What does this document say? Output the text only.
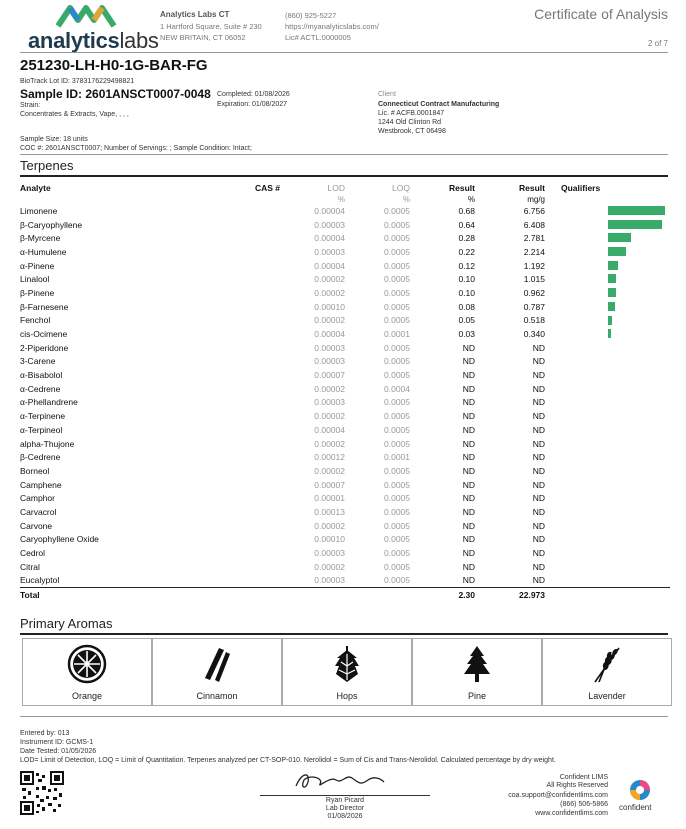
analyticslabs
Analytics Labs CT
1 Hartford Square, Suite # 230
NEW BRITAIN, CT 06052
(860) 925-5227
https://myanalyticslabs.com/
Lic# ACTL.0000005
Certificate of Analysis
2 of 7
251230-LH-H0-1G-BAR-FG
BioTrack Lot ID: 3783176229498821
Sample ID: 2601ANSCT0007-0048
Strain:
Concentrates & Extracts, Vape, , , ,
Completed: 01/08/2026
Expiration: 01/08/2027
Client
Connecticut Contract Manufacturing
Lic. # ACFB.0001847
1244 Old Clinton Rd
Westbrook, CT 06498
Sample Size: 18 units
COC #: 2601ANSCT0007; Number of Servings: ; Sample Condition: Intact;
Terpenes
Analyte	CAS #	LOD	LOQ	Result	Result	Qualifiers
		%	%	%	mg/g	
Limonene		0.00004	0.0005	0.68	6.756	

β-Caryophyllene		0.00003	0.0005	0.64	6.408	

β-Myrcene		0.00004	0.0005	0.28	2.781	

α-Humulene		0.00003	0.0005	0.22	2.214	

α-Pinene		0.00004	0.0005	0.12	1.192	

Linalool		0.00002	0.0005	0.10	1.015	

β-Pinene		0.00002	0.0005	0.10	0.962	

β-Farnesene		0.00010	0.0005	0.08	0.787	

Fenchol		0.00002	0.0005	0.05	0.518	

cis-Ocimene		0.00004	0.0001	0.03	0.340	

2-Piperidone		0.00003	0.0005	ND	ND	
3-Carene		0.00003	0.0005	ND	ND	
α-Bisabolol		0.00007	0.0005	ND	ND	
α-Cedrene		0.00002	0.0004	ND	ND	
α-Phellandrene		0.00003	0.0005	ND	ND	
α-Terpinene		0.00002	0.0005	ND	ND	
α-Terpineol		0.00004	0.0005	ND	ND	
alpha-Thujone		0.00002	0.0005	ND	ND	
β-Cedrene		0.00012	0.0001	ND	ND	
Borneol		0.00002	0.0005	ND	ND	
Camphene		0.00007	0.0005	ND	ND	
Camphor		0.00001	0.0005	ND	ND	
Carvacrol		0.00013	0.0005	ND	ND	
Carvone		0.00002	0.0005	ND	ND	
Caryophyllene Oxide		0.00010	0.0005	ND	ND	
Cedrol		0.00003	0.0005	ND	ND	
Citral		0.00002	0.0005	ND	ND	
Eucalyptol		0.00003	0.0005	ND	ND	
Total				2.30	22.973	
Primary Aromas
Orange	Cinnamon	Hops	Pine	Lavender
Entered by: 013
Instrument ID: GCMS-1
Date Tested: 01/05/2026
LOD= Limit of Detection, LOQ = Limit of Quantitation. Terpenes analyzed per CT-SOP-010. Nerolidol = Sum of Cis and Trans-Nerolidol. Calculated percentage by dry weight.
Ryan Picard
Lab Director
01/08/2026
Confident LIMS
All Rights Reserved
coa.support@confidentlims.com
(866) 506-5866
www.confidentlims.com
confident
